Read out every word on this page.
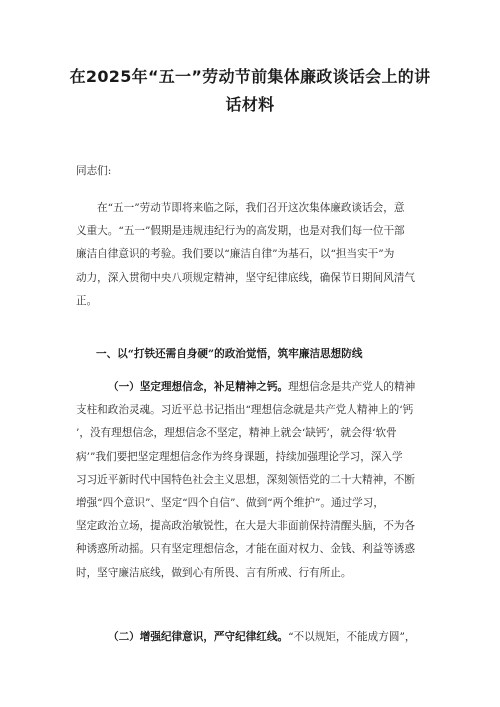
在2025年“五一”劳动节前集体廉政谈话会上的讲
话材料

同志们:

在“五一”劳动节即将来临之际，我们召开这次集体廉政谈话会，意
义重大。“五一”假期是违规违纪行为的高发期，也是对我们每一位干部
廉洁自律意识的考验。我们要以“廉洁自律”为基石，以“担当实干”为
动力，深入贯彻中央八项规定精神，坚守纪律底线，确保节日期间风清气
正。

一、以“打铁还需自身硬”的政治觉悟，筑牢廉洁思想防线

（一）坚定理想信念，补足精神之钙。理想信念是共产党人的精神
支柱和政治灵魂。习近平总书记指出“理想信念就是共产党人精神上的‘钙
’，没有理想信念，理想信念不坚定，精神上就会‘缺钙’，就会得‘软骨
病’”我们要把坚定理想信念作为终身课题，持续加强理论学习，深入学
习习近平新时代中国特色社会主义思想，深刻领悟党的二十大精神，不断
增强“四个意识”、坚定“四个自信”、做到“两个维护”。通过学习，
坚定政治立场，提高政治敏锐性，在大是大非面前保持清醒头脑，不为各
种诱惑所动摇。只有坚定理想信念，才能在面对权力、金钱、利益等诱惑
时，坚守廉洁底线，做到心有所畏、言有所戒、行有所止。
（二）增强纪律意识，严守纪律红线。“不以规矩，不能成方圆”，
